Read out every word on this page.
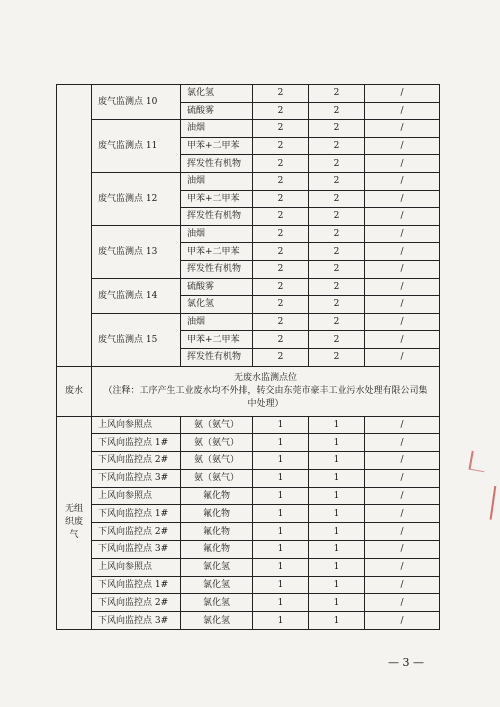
	废气监测点 10	氯化氢	2	2	/
		硫酸雾	2	2	/
	废气监测点 11	油烟	2	2	/
		甲苯+二甲苯	2	2	/
		挥发性有机物	2	2	/
	废气监测点 12	油烟	2	2	/
		甲苯+二甲苯	2	2	/
		挥发性有机物	2	2	/
	废气监测点 13	油烟	2	2	/
		甲苯+二甲苯	2	2	/
		挥发性有机物	2	2	/
	废气监测点 14	硫酸雾	2	2	/
		氯化氢	2	2	/
	废气监测点 15	油烟	2	2	/
		甲苯+二甲苯	2	2	/
		挥发性有机物	2	2	/
废水	无废水监测点位
（注释：工序产生工业废水均不外排，转交由东莞市豪丰工业污水处理有限公司集中处理）				

无组织废气	上风向参照点	氨（氨气）	1	1	/
	下风向监控点 1#	氨（氨气）	1	1	/
	下风向监控点 2#	氨（氨气）	1	1	/
	下风向监控点 3#	氨（氨气）	1	1	/
	上风向参照点	氟化物	1	1	/
	下风向监控点 1#	氟化物	1	1	/
	下风向监控点 2#	氟化物	1	1	/
	下风向监控点 3#	氟化物	1	1	/
	上风向参照点	氯化氢	1	1	/
	下风向监控点 1#	氯化氢	1	1	/
	下风向监控点 2#	氯化氢	1	1	/
	下风向监控点 3#	氯化氢	1	1	/
— 3 —
